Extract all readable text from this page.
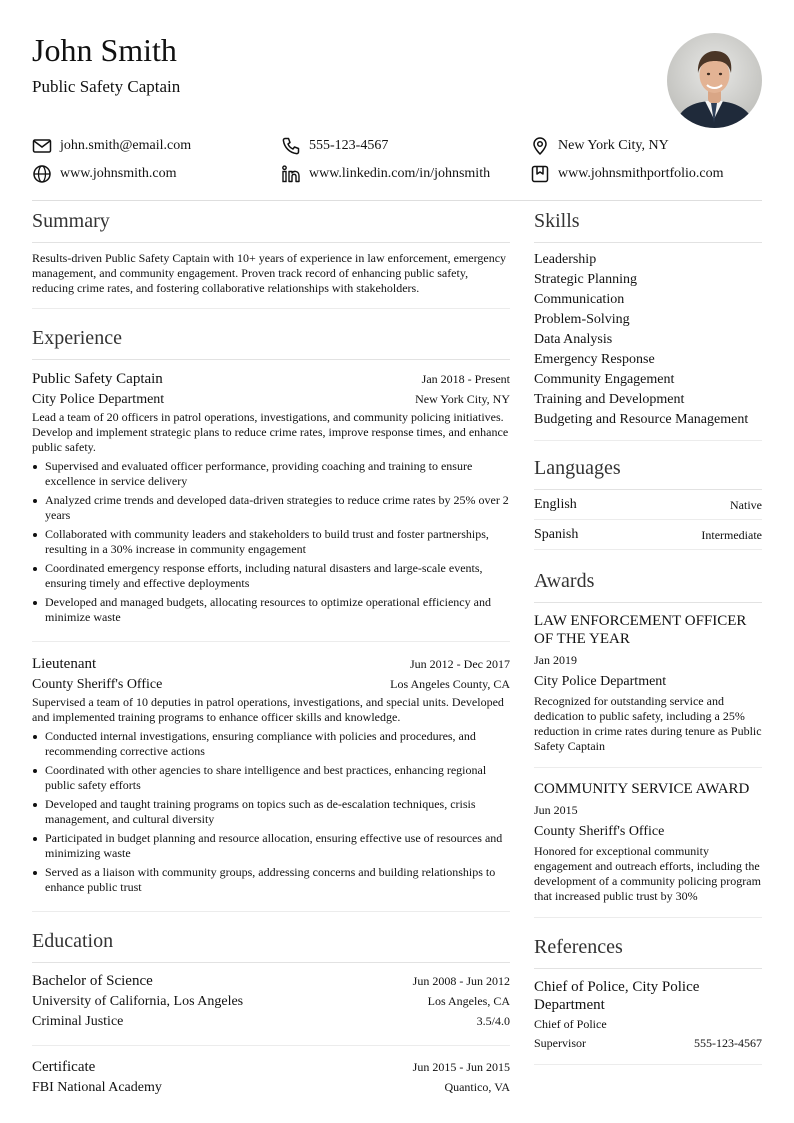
John Smith
Public Safety Captain
john.smith@email.com	555-123-4567	New York City, NY
www.johnsmith.com	www.linkedin.com/in/johnsmith	www.johnsmithportfolio.com
Summary
Results-driven Public Safety Captain with 10+ years of experience in law enforcement, emergency management, and community engagement. Proven track record of enhancing public safety, reducing crime rates, and fostering collaborative relationships with stakeholders.
Experience
Public Safety Captain	Jan 2018 - Present
City Police Department	New York City, NY
Lead a team of 20 officers in patrol operations, investigations, and community policing initiatives. Develop and implement strategic plans to reduce crime rates, improve response times, and enhance public safety.
Supervised and evaluated officer performance, providing coaching and training to ensure excellence in service delivery
Analyzed crime trends and developed data-driven strategies to reduce crime rates by 25% over 2 years
Collaborated with community leaders and stakeholders to build trust and foster partnerships, resulting in a 30% increase in community engagement
Coordinated emergency response efforts, including natural disasters and large-scale events, ensuring timely and effective deployments
Developed and managed budgets, allocating resources to optimize operational efficiency and minimize waste
Lieutenant	Jun 2012 - Dec 2017
County Sheriff's Office	Los Angeles County, CA
Supervised a team of 10 deputies in patrol operations, investigations, and special units. Developed and implemented training programs to enhance officer skills and knowledge.
Conducted internal investigations, ensuring compliance with policies and procedures, and recommending corrective actions
Coordinated with other agencies to share intelligence and best practices, enhancing regional public safety efforts
Developed and taught training programs on topics such as de-escalation techniques, crisis management, and cultural diversity
Participated in budget planning and resource allocation, ensuring effective use of resources and minimizing waste
Served as a liaison with community groups, addressing concerns and building relationships to enhance public trust
Education
Bachelor of Science	Jun 2008 - Jun 2012
University of California, Los Angeles	Los Angeles, CA
Criminal Justice	3.5/4.0
Certificate	Jun 2015 - Jun 2015
FBI National Academy	Quantico, VA
Skills
Leadership
Strategic Planning
Communication
Problem-Solving
Data Analysis
Emergency Response
Community Engagement
Training and Development
Budgeting and Resource Management
Languages
English	Native
Spanish	Intermediate
Awards
LAW ENFORCEMENT OFFICER OF THE YEAR
Jan 2019
City Police Department
Recognized for outstanding service and dedication to public safety, including a 25% reduction in crime rates during tenure as Public Safety Captain
COMMUNITY SERVICE AWARD
Jun 2015
County Sheriff's Office
Honored for exceptional community engagement and outreach efforts, including the development of a community policing program that increased public trust by 30%
References
Chief of Police, City Police Department
Chief of Police
Supervisor	555-123-4567
